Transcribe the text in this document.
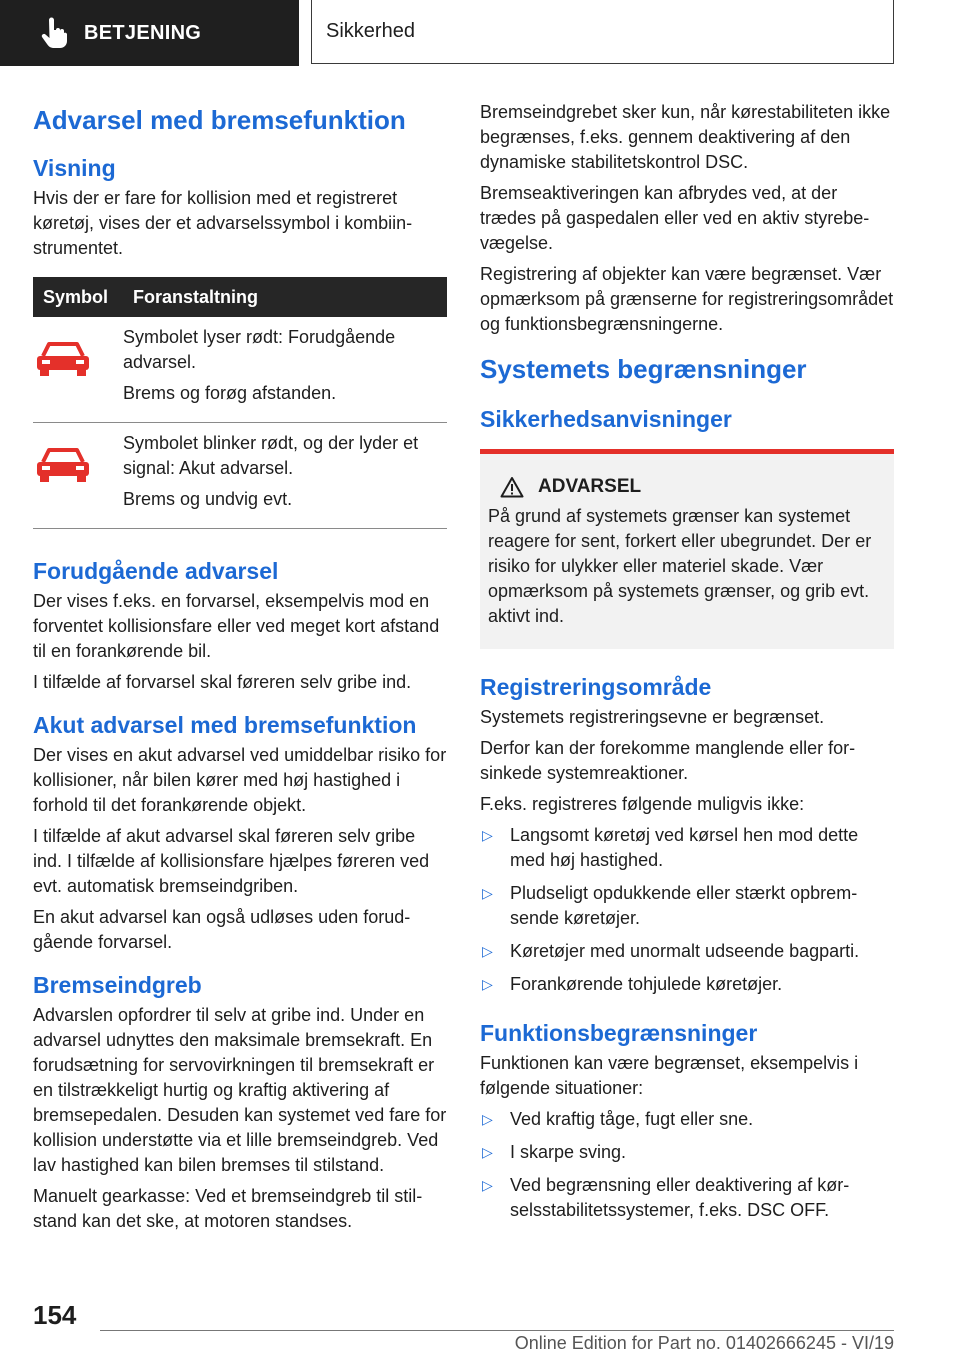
BETJENING	Sikkerhed
Advarsel med bremsefunktion
Visning

Hvis der er fare for kollision med et registreret køretøj, vises der et advarselssymbol i kombiinstrumentet.

Symbol	Foranstaltning

Symbolet lyser rødt: Forudgående advarsel.

Brems og forøg afstanden.

Symbolet blinker rødt, og der lyder et signal: Akut advarsel.

Brems og undvig evt.

Forudgående advarsel

Der vises f.eks. en forvarsel, eksempelvis mod en forventet kollisionsfare eller ved meget kort afstand til en forankørende bil.

I tilfælde af forvarsel skal føreren selv gribe ind.

Akut advarsel med bremsefunktion

Der vises en akut advarsel ved umiddelbar risiko for kollisioner, når bilen kører med høj hastighed i forhold til det forankørende objekt.

I tilfælde af akut advarsel skal føreren selv gribe ind. I tilfælde af kollisionsfare hjælpes føreren ved evt. automatisk bremseindgriben.

En akut advarsel kan også udløses uden forudgående forvarsel.

Bremseindgreb

Advarslen opfordrer til selv at gribe ind. Under en advarsel udnyttes den maksimale bremsekraft. En forudsætning for servovirkningen til bremsekraft er en tilstrækkeligt hurtig og kraftig aktivering af bremsepedalen. Desuden kan systemet ved fare for kollision understøtte via et lille bremseindgreb. Ved lav hastighed kan bilen bremses til stilstand.

Manuelt gearkasse: Ved et bremseindgreb til stilstand kan det ske, at motoren standses.

Bremseindgrebet sker kun, når kørestabiliteten ikke begrænses, f.eks. gennem deaktivering af den dynamiske stabilitetskontrol DSC.

Bremseaktiveringen kan afbrydes ved, at der trædes på gaspedalen eller ved en aktiv styrebevægelse.

Registrering af objekter kan være begrænset. Vær opmærksom på grænserne for registreringsområdet og funktionsbegrænsningerne.

Systemets begrænsninger
Sikkerhedsanvisninger
ADVARSEL

På grund af systemets grænser kan systemet reagere for sent, forkert eller ubegrundet. Der er risiko for ulykker eller materiel skade. Vær opmærksom på systemets grænser, og grib evt. aktivt ind.

Registreringsområde

Systemets registreringsevne er begrænset.

Derfor kan der forekomme manglende eller forsinkede systemreaktioner.

F.eks. registreres følgende muligvis ikke:

▷ Langsomt køretøj ved kørsel hen mod dette med høj hastighed.
▷ Pludseligt opdukkende eller stærkt opbremsende køretøjer.
▷ Køretøjer med unormalt udseende bagparti.
▷ Forankørende tohjulede køretøjer.
Funktionsbegrænsninger

Funktionen kan være begrænset, eksempelvis i følgende situationer:

▷ Ved kraftig tåge, fugt eller sne.
▷ I skarpe sving.
▷ Ved begrænsning eller deaktivering af kørselsstabilitetssystemer, f.eks. DSC OFF.
154
Online Edition for Part no. 01402666245 - VI/19
